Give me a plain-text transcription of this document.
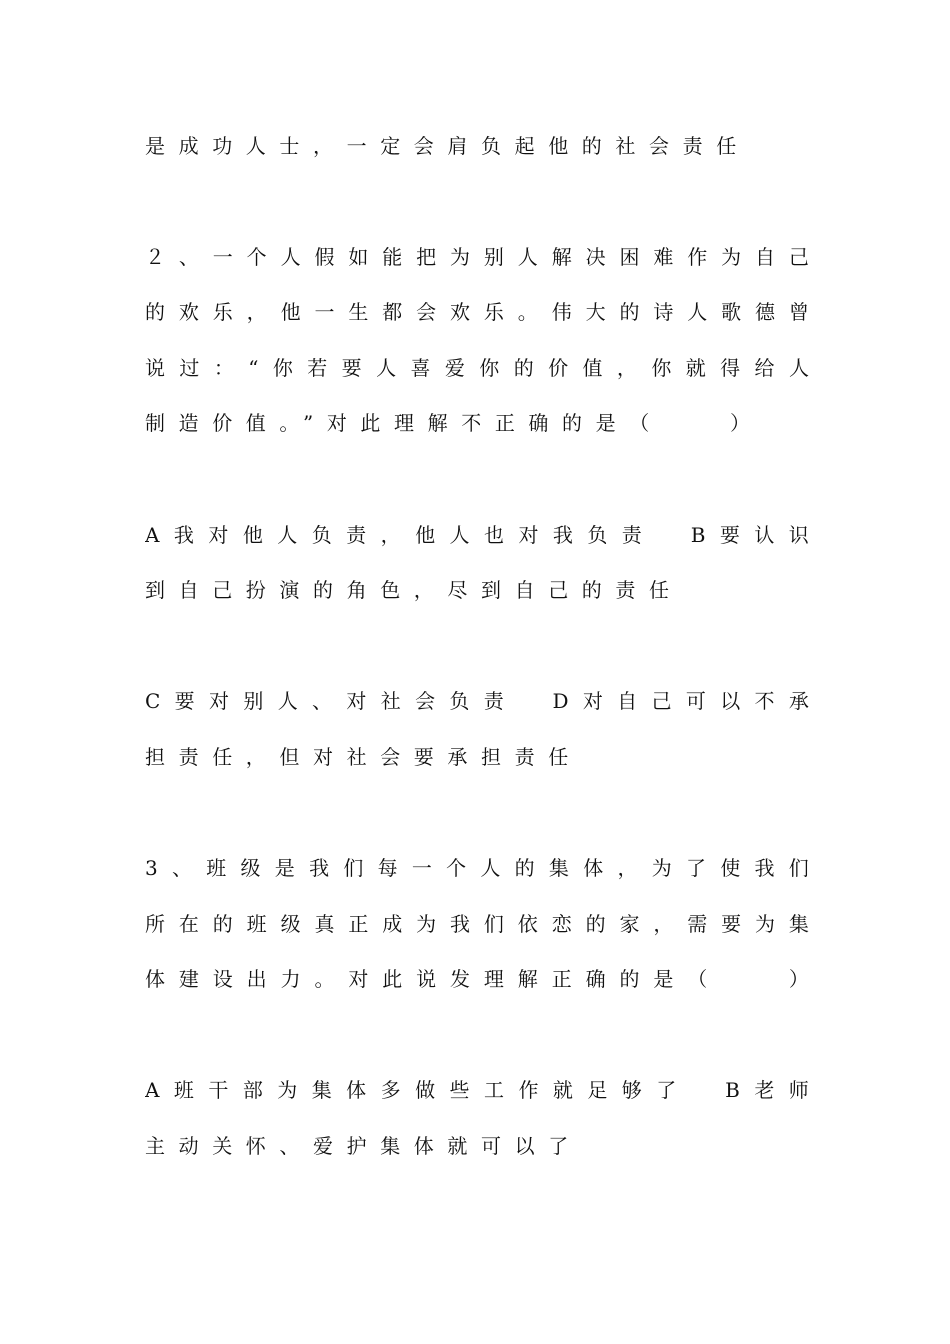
是成功人士，一定会肩负起他的社会责任
２ 、 一 个 人 假 如 能 把 为 别 人 解 决 困 难 作 为 自 己
的 欢 乐 ， 他 一 生 都 会 欢 乐 。 伟 大 的 诗 人 歌 德 曾
说 过 ： “ 你 若 要 人 喜 爱 你 的 价 值 ， 你 就 得 给 人
制造价值。”对此理解不正确的是（　　）
A 我 对 他 人 负 责 ， 他 人 也 对 我 负 责
　 B 要 认 识
到自己扮演的角色，尽到自己的责任
C 要 对 别 人 、 对 社 会 负 责
　 D 对 自 己 可 以 不 承
担责任，但对社会要承担责任
3 、 班 级 是 我 们 每 一 个 人 的 集 体 ， 为 了 使 我 们
所 在 的 班 级 真 正 成 为 我 们 依 恋 的 家 ， 需 要 为 集
体 建 设 出 力 。 对 此 说 发 理 解 正 确 的 是 （

　	）
A 班 干 部 为 集 体 多 做 些 工 作 就 足 够 了
　 B 老 师
主动关怀、爱护集体就可以了
